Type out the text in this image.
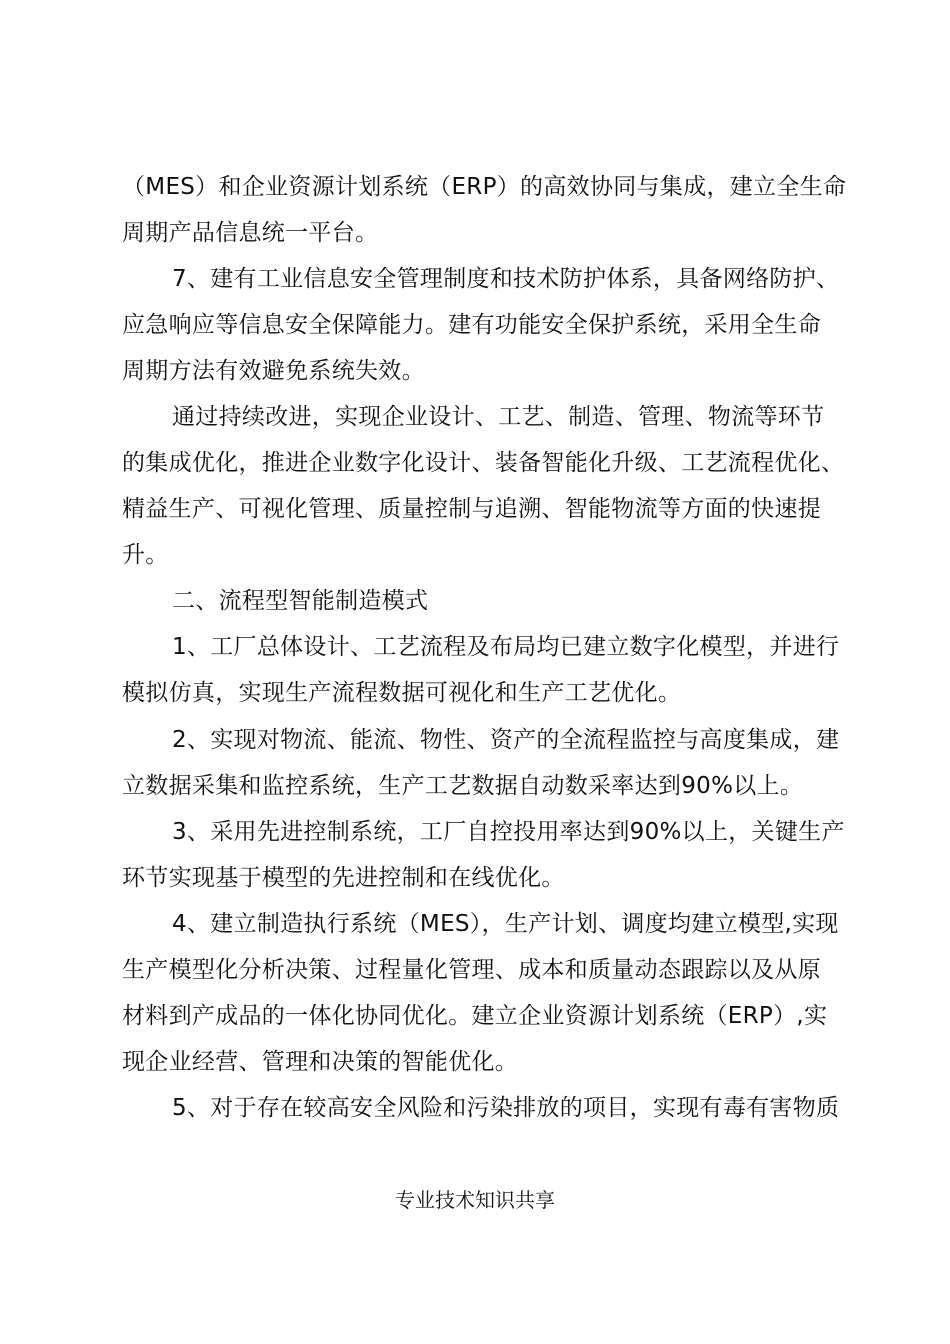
（MES）和企业资源计划系统（ERP）的高效协同与集成，建立全生命
周期产品信息统一平台。
7、建有工业信息安全管理制度和技术防护体系，具备网络防护、
应急响应等信息安全保障能力。建有功能安全保护系统，采用全生命
周期方法有效避免系统失效。
通过持续改进，实现企业设计、工艺、制造、管理、物流等环节
的集成优化，推进企业数字化设计、装备智能化升级、工艺流程优化、
精益生产、可视化管理、质量控制与追溯、智能物流等方面的快速提
升。
二、流程型智能制造模式
1、工厂总体设计、工艺流程及布局均已建立数字化模型，并进行
模拟仿真，实现生产流程数据可视化和生产工艺优化。
2、实现对物流、能流、物性、资产的全流程监控与高度集成，建
立数据采集和监控系统，生产工艺数据自动数采率达到90%以上。
3、采用先进控制系统，工厂自控投用率达到90%以上，关键生产
环节实现基于模型的先进控制和在线优化。
4、建立制造执行系统（MES），生产计划、调度均建立模型,实现
生产模型化分析决策、过程量化管理、成本和质量动态跟踪以及从原
材料到产成品的一体化协同优化。建立企业资源计划系统（ERP）,实
现企业经营、管理和决策的智能优化。
5、对于存在较高安全风险和污染排放的项目，实现有毒有害物质
专业技术知识共享
